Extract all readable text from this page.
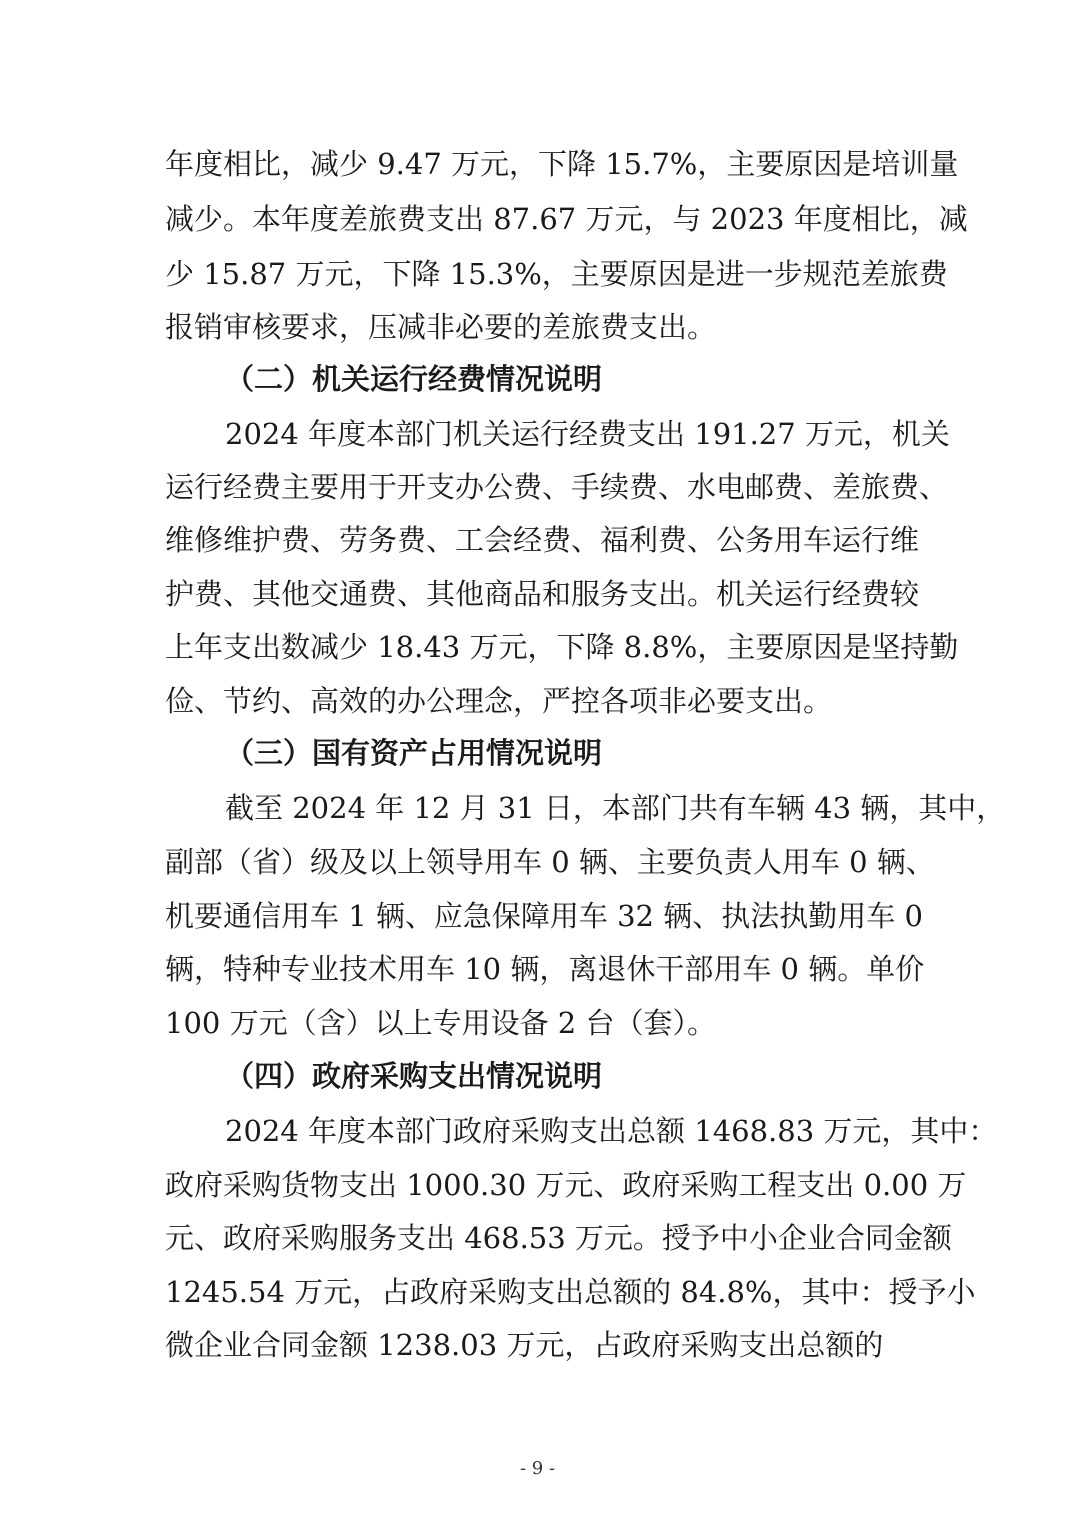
年度相比，减少 9.47 万元，下降 15.7%，主要原因是培训量
减少。本年度差旅费支出 87.67 万元，与 2023 年度相比，减
少 15.87 万元，下降 15.3%，主要原因是进一步规范差旅费
报销审核要求，压减非必要的差旅费支出。
（二）机关运行经费情况说明
2024 年度本部门机关运行经费支出 191.27 万元，机关
运行经费主要用于开支办公费、手续费、水电邮费、差旅费、
维修维护费、劳务费、工会经费、福利费、公务用车运行维
护费、其他交通费、其他商品和服务支出。机关运行经费较
上年支出数减少 18.43 万元，下降 8.8%，主要原因是坚持勤
俭、节约、高效的办公理念，严控各项非必要支出。
（三）国有资产占用情况说明
截至 2024 年 12 月 31 日，本部门共有车辆 43 辆，其中，
副部（省）级及以上领导用车 0 辆、主要负责人用车 0 辆、
机要通信用车 1 辆、应急保障用车 32 辆、执法执勤用车 0
辆，特种专业技术用车 10 辆，离退休干部用车 0 辆。单价
100 万元（含）以上专用设备 2 台（套）。
（四）政府采购支出情况说明
2024 年度本部门政府采购支出总额 1468.83 万元，其中：
政府采购货物支出 1000.30 万元、政府采购工程支出 0.00 万
元、政府采购服务支出 468.53 万元。授予中小企业合同金额
1245.54 万元，占政府采购支出总额的 84.8%，其中：授予小
微企业合同金额 1238.03 万元，占政府采购支出总额的
- 9 -
